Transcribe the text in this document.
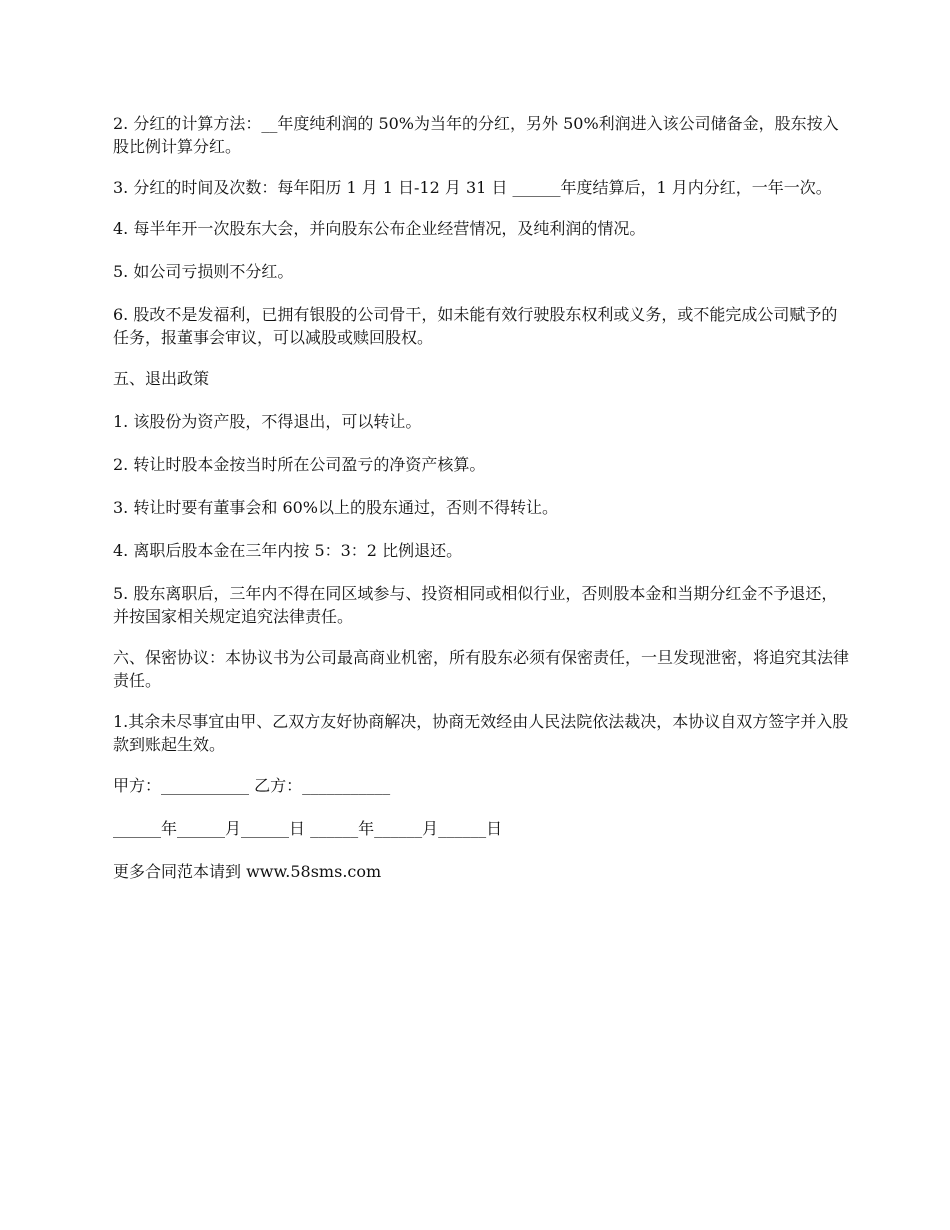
2. 分红的计算方法：__年度纯利润的 50%为当年的分红，另外 50%利润进入该公司储备金，股东按入股比例计算分红。

3. 分红的时间及次数：每年阳历 1 月 1 日-12 月 31 日 ______年度结算后，1 月内分红，一年一次。

4. 每半年开一次股东大会，并向股东公布企业经营情况，及纯利润的情况。

5. 如公司亏损则不分红。

6. 股改不是发福利，已拥有银股的公司骨干，如未能有效行驶股东权利或义务，或不能完成公司赋予的任务，报董事会审议，可以减股或赎回股权。

五、退出政策

1. 该股份为资产股，不得退出，可以转让。

2. 转让时股本金按当时所在公司盈亏的净资产核算。

3. 转让时要有董事会和 60%以上的股东通过，否则不得转让。

4. 离职后股本金在三年内按 5：3：2 比例退还。

5. 股东离职后，三年内不得在同区域参与、投资相同或相似行业，否则股本金和当期分红金不予退还，并按国家相关规定追究法律责任。

六、保密协议：本协议书为公司最高商业机密，所有股东必须有保密责任，一旦发现泄密，将追究其法律责任。

1.其余未尽事宜由甲、乙双方友好协商解决，协商无效经由人民法院依法裁决，本协议自双方签字并入股款到账起生效。

甲方：___________ 乙方：___________

______年______月______日 ______年______月______日

更多合同范本请到 www.58sms.com
